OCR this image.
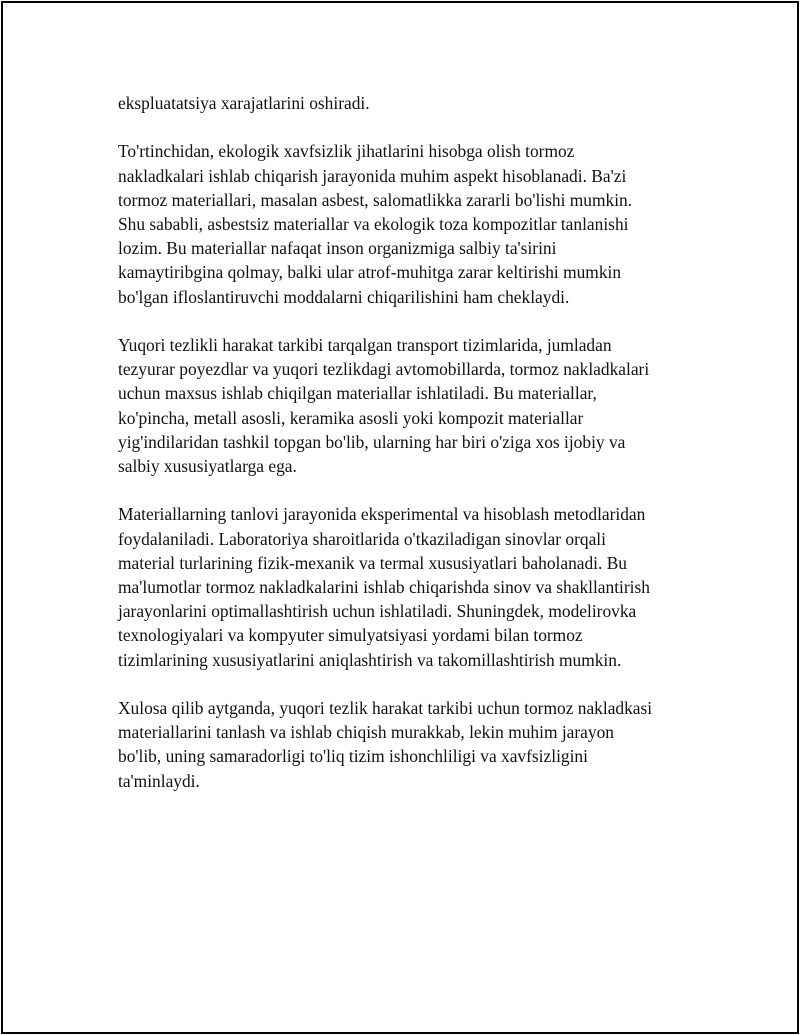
ekspluatatsiya xarajatlarini oshiradi.

To'rtinchidan, ekologik xavfsizlik jihatlarini hisobga olish tormoz
nakladkalari ishlab chiqarish jarayonida muhim aspekt hisoblanadi. Ba'zi
tormoz materiallari, masalan asbest, salomatlikka zararli bo'lishi mumkin.
Shu sababli, asbestsiz materiallar va ekologik toza kompozitlar tanlanishi
lozim. Bu materiallar nafaqat inson organizmiga salbiy ta'sirini
kamaytiribgina qolmay, balki ular atrof-muhitga zarar keltirishi mumkin
bo'lgan ifloslantiruvchi moddalarni chiqarilishini ham cheklaydi.

Yuqori tezlikli harakat tarkibi tarqalgan transport tizimlarida, jumladan
tezyurar poyezdlar va yuqori tezlikdagi avtomobillarda, tormoz nakladkalari
uchun maxsus ishlab chiqilgan materiallar ishlatiladi. Bu materiallar,
ko'pincha, metall asosli, keramika asosli yoki kompozit materiallar
yig'indilaridan tashkil topgan bo'lib, ularning har biri o'ziga xos ijobiy va
salbiy xususiyatlarga ega.

Materiallarning tanlovi jarayonida eksperimental va hisoblash metodlaridan
foydalaniladi. Laboratoriya sharoitlarida o'tkaziladigan sinovlar orqali
material turlarining fizik-mexanik va termal xususiyatlari baholanadi. Bu
ma'lumotlar tormoz nakladkalarini ishlab chiqarishda sinov va shakllantirish
jarayonlarini optimallashtirish uchun ishlatiladi. Shuningdek, modelirovka
texnologiyalari va kompyuter simulyatsiyasi yordami bilan tormoz
tizimlarining xususiyatlarini aniqlashtirish va takomillashtirish mumkin.

Xulosa qilib aytganda, yuqori tezlik harakat tarkibi uchun tormoz nakladkasi
materiallarini tanlash va ishlab chiqish murakkab, lekin muhim jarayon
bo'lib, uning samaradorligi to'liq tizim ishonchliligi va xavfsizligini
ta'minlaydi.
